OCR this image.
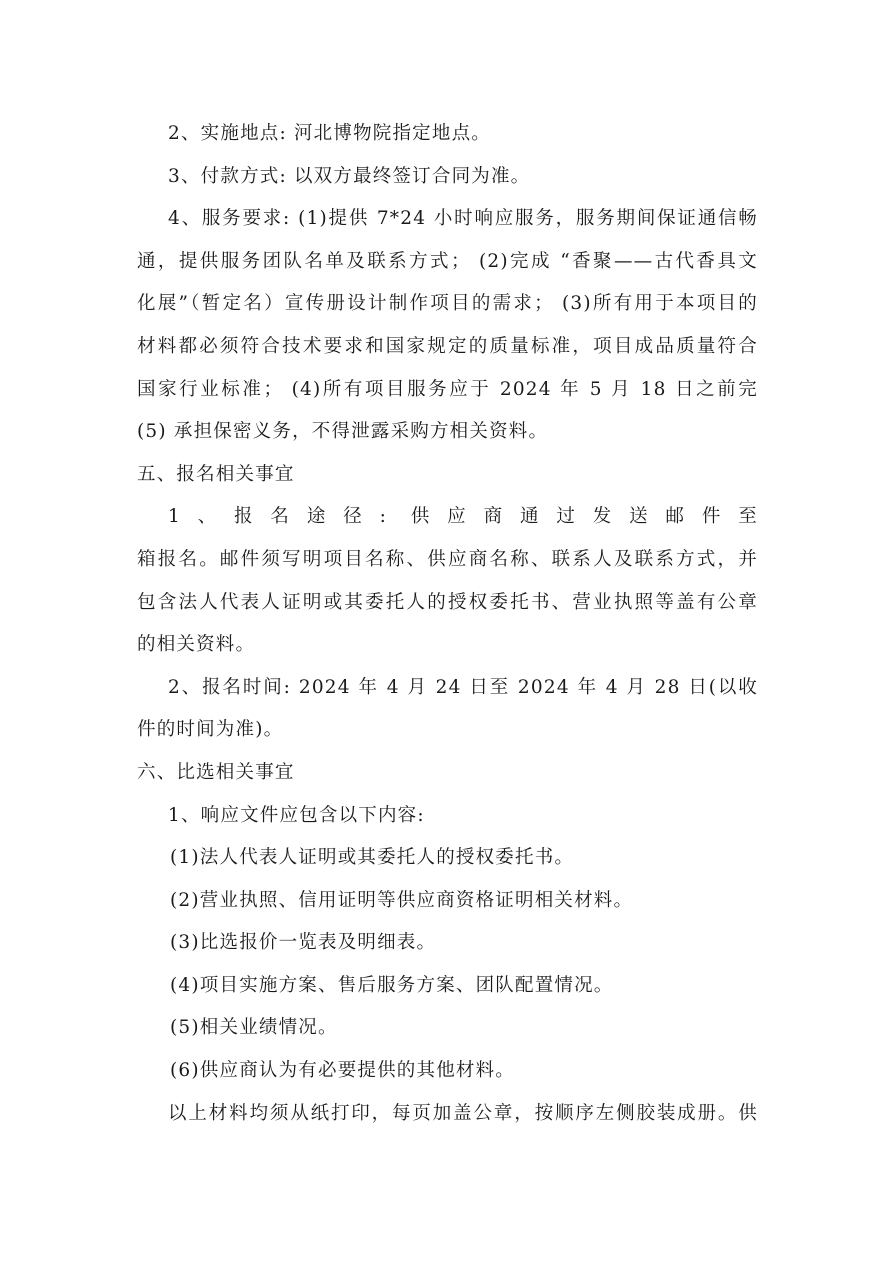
2、实施地点: 河北博物院指定地点。
3、付款方式: 以双方最终签订合同为准。
4、服务要求: (1)提供 7*24 小时响应服务，服务期间保证通信畅
通，提供服务团队名单及联系方式； (2)完成 “香聚——古代香具文
化展”（暂定名）宣传册设计制作项目的需求； (3)所有用于本项目的
材料都必须符合技术要求和国家规定的质量标准，项目成品质量符合
国家行业标准； (4)所有项目服务应于 2024 年 5 月 18 日之前完
(5) 承担保密义务，不得泄露采购方相关资料。
五、报名相关事宜
1、报名途径: 供应商通过发送邮件至
箱报名。邮件须写明项目名称、供应商名称、联系人及联系方式，并
包含法人代表人证明或其委托人的授权委托书、营业执照等盖有公章
的相关资料。
2、报名时间: 2024 年 4 月 24 日至 2024 年 4 月 28 日(以收
件的时间为准)。
六、比选相关事宜
1、响应文件应包含以下内容:
(1)法人代表人证明或其委托人的授权委托书。
(2)营业执照、信用证明等供应商资格证明相关材料。
(3)比选报价一览表及明细表。
(4)项目实施方案、售后服务方案、团队配置情况。
(5)相关业绩情况。
(6)供应商认为有必要提供的其他材料。
以上材料均须从纸打印，每页加盖公章，按顺序左侧胶装成册。供
